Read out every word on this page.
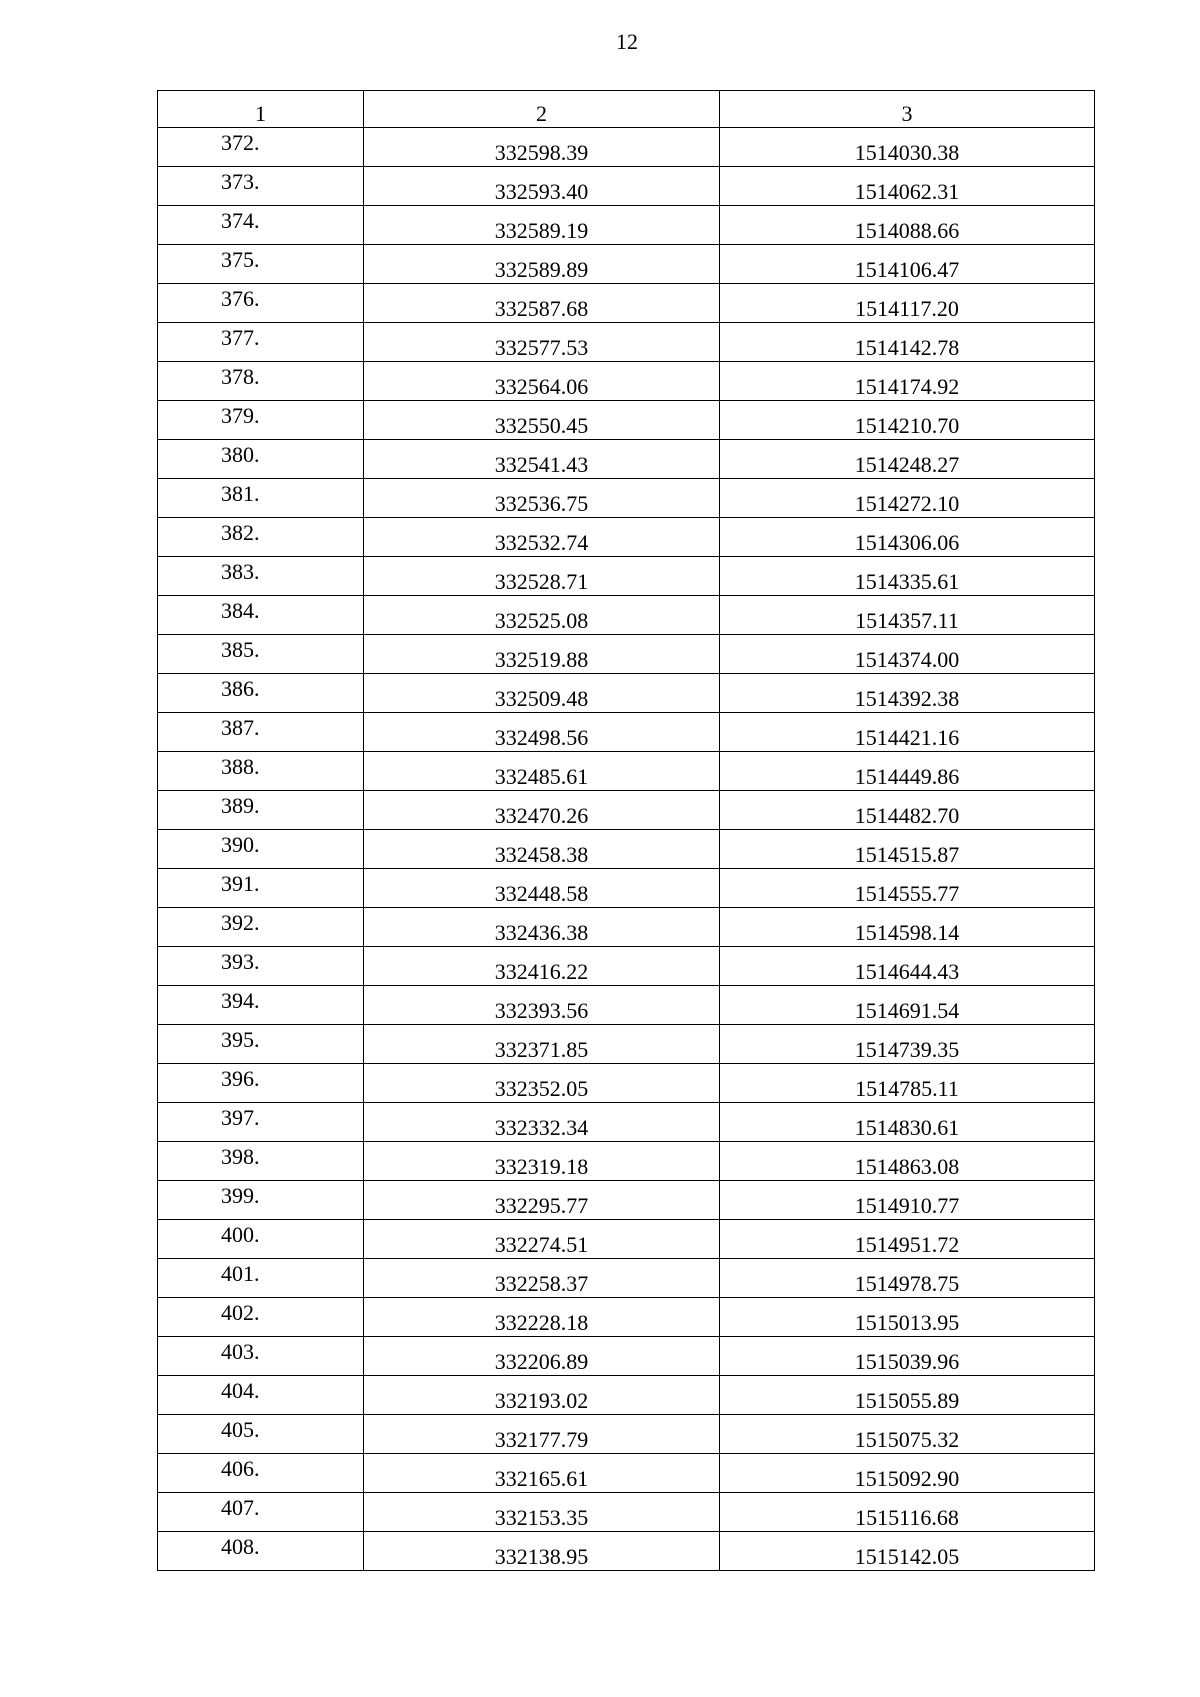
12
1	2	3
372.	332598.39	1514030.38
373.	332593.40	1514062.31
374.	332589.19	1514088.66
375.	332589.89	1514106.47
376.	332587.68	1514117.20
377.	332577.53	1514142.78
378.	332564.06	1514174.92
379.	332550.45	1514210.70
380.	332541.43	1514248.27
381.	332536.75	1514272.10
382.	332532.74	1514306.06
383.	332528.71	1514335.61
384.	332525.08	1514357.11
385.	332519.88	1514374.00
386.	332509.48	1514392.38
387.	332498.56	1514421.16
388.	332485.61	1514449.86
389.	332470.26	1514482.70
390.	332458.38	1514515.87
391.	332448.58	1514555.77
392.	332436.38	1514598.14
393.	332416.22	1514644.43
394.	332393.56	1514691.54
395.	332371.85	1514739.35
396.	332352.05	1514785.11
397.	332332.34	1514830.61
398.	332319.18	1514863.08
399.	332295.77	1514910.77
400.	332274.51	1514951.72
401.	332258.37	1514978.75
402.	332228.18	1515013.95
403.	332206.89	1515039.96
404.	332193.02	1515055.89
405.	332177.79	1515075.32
406.	332165.61	1515092.90
407.	332153.35	1515116.68
408.	332138.95	1515142.05
